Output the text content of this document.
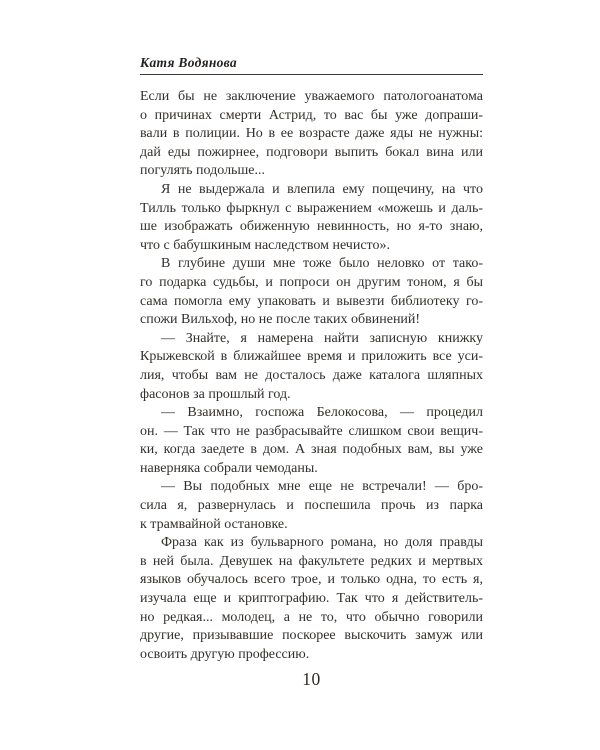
Катя Водянова
Если бы не заключение уважаемого патологоанатома
о причинах смерти Астрид, то вас бы уже допраши-
вали в полиции. Но в ее возрасте даже яды не нужны:
дай еды пожирнее, подговори выпить бокал вина или
погулять подольше...
Я не выдержала и влепила ему пощечину, на что
Тилль только фыркнул с выражением «можешь и даль-
ше изображать обиженную невинность, но я-то знаю,
что с бабушкиным наследством нечисто».
В глубине души мне тоже было неловко от тако-
го подарка судьбы, и попроси он другим тоном, я бы
сама помогла ему упаковать и вывезти библиотеку го-
спожи Вильхоф, но не после таких обвинений!
— Знайте, я намерена найти записную книжку
Крыжевской в ближайшее время и приложить все уси-
лия, чтобы вам не досталось даже каталога шляпных
фасонов за прошлый год.
— Взаимно, госпожа Белокосова, — процедил
он. — Так что не разбрасывайте слишком свои вещич-
ки, когда заедете в дом. А зная подобных вам, вы уже
наверняка собрали чемоданы.
— Вы подобных мне еще не встречали! — бро-
сила я, развернулась и поспешила прочь из парка
к трамвайной остановке.
Фраза как из бульварного романа, но доля правды
в ней была. Девушек на факультете редких и мертвых
языков обучалось всего трое, и только одна, то есть я,
изучала еще и криптографию. Так что я действитель-
но редкая... молодец, а не то, что обычно говорили
другие, призывавшие поскорее выскочить замуж или
освоить другую профессию.
10
